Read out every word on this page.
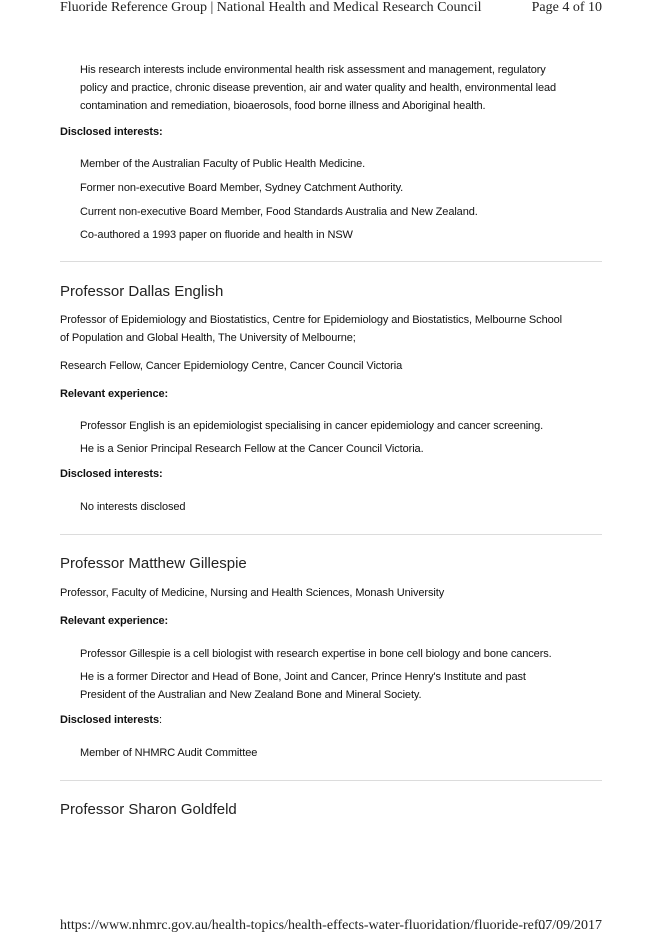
Fluoride Reference Group | National Health and Medical Research Council	Page 4 of 10
His research interests include environmental health risk assessment and management, regulatory
policy and practice, chronic disease prevention, air and water quality and health, environmental lead
contamination and remediation, bioaerosols, food borne illness and Aboriginal health.
Disclosed interests:
Member of the Australian Faculty of Public Health Medicine.
Former non-executive Board Member, Sydney Catchment Authority.
Current non-executive Board Member, Food Standards Australia and New Zealand.
Co-authored a 1993 paper on fluoride and health in NSW
Professor Dallas English
Professor of Epidemiology and Biostatistics, Centre for Epidemiology and Biostatistics, Melbourne School
of Population and Global Health, The University of Melbourne;
Research Fellow, Cancer Epidemiology Centre, Cancer Council Victoria
Relevant experience:
Professor English is an epidemiologist specialising in cancer epidemiology and cancer screening.
He is a Senior Principal Research Fellow at the Cancer Council Victoria.
Disclosed interests:
No interests disclosed
Professor Matthew Gillespie
Professor, Faculty of Medicine, Nursing and Health Sciences, Monash University
Relevant experience:
Professor Gillespie is a cell biologist with research expertise in bone cell biology and bone cancers.
He is a former Director and Head of Bone, Joint and Cancer, Prince Henry's Institute and past
President of the Australian and New Zealand Bone and Mineral Society.
Disclosed interests:
Member of NHMRC Audit Committee
Professor Sharon Goldfeld
https://www.nhmrc.gov.au/health-topics/health-effects-water-fluoridation/fluoride-ref...
07/09/2017
